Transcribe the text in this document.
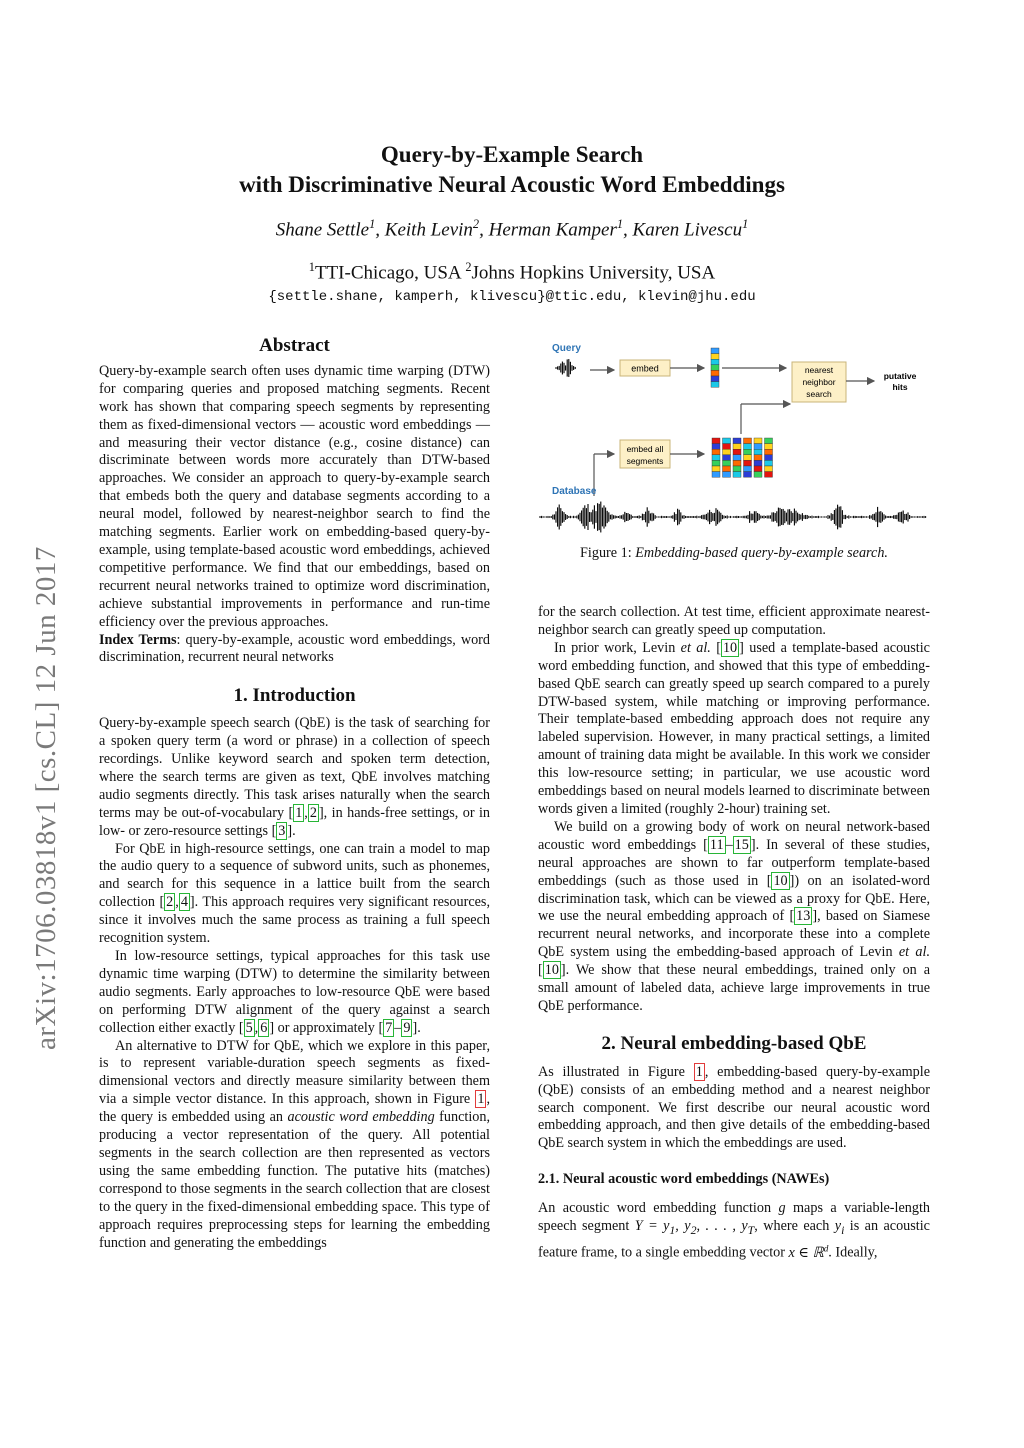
arXiv:1706.03818v1 [cs.CL] 12 Jun 2017
Query-by-Example Search
with Discriminative Neural Acoustic Word Embeddings
Shane Settle$^1$, Keith Levin$^2$, Herman Kamper$^1$, Karen Livescu$^1$
$^1$TTI-Chicago, USA $^2$Johns Hopkins University, USA
{settle.shane, kamperh, klivescu}@ttic.edu, klevin@jhu.edu
Abstract

Query-by-example search often uses dynamic time warping (DTW) for comparing queries and proposed matching segments. Recent work has shown that comparing speech segments by representing them as fixed-dimensional vectors — acoustic word embeddings — and measuring their vector distance (e.g., cosine distance) can discriminate between words more accurately than DTW-based approaches. We consider an approach to query-by-example search that embeds both the query and database segments according to a neural model, followed by nearest-neighbor search to find the matching segments. Earlier work on embedding-based query-by-example, using template-based acoustic word embeddings, achieved competitive performance. We find that our embeddings, based on recurrent neural networks trained to optimize word discrimination, achieve substantial improvements in performance and run-time efficiency over the previous approaches.

Index Terms: query-by-example, acoustic word embeddings, word discrimination, recurrent neural networks

1. Introduction

Query-by-example speech search (QbE) is the task of searching for a spoken query term (a word or phrase) in a collection of speech recordings. Unlike keyword search and spoken term detection, where the search terms are given as text, QbE involves matching audio segments directly. This task arises naturally when the search terms may be out-of-vocabulary [ 1 , 2 ], in hands-free settings, or in low- or zero-resource settings [ 3 ].

For QbE in high-resource settings, one can train a model to map the audio query to a sequence of subword units, such as phonemes, and search for this sequence in a lattice built from the search collection [ 2 , 4 ]. This approach requires very significant resources, since it involves much the same process as training a full speech recognition system.

In low-resource settings, typical approaches for this task use dynamic time warping (DTW) to determine the similarity between audio segments. Early approaches to low-resource QbE were based on performing DTW alignment of the query against a search collection either exactly [ 5 , 6 ] or approximately [ 7 – 9 ].

An alternative to DTW for QbE, which we explore in this paper, is to represent variable-duration speech segments as fixed-dimensional vectors and directly measure similarity between them via a simple vector distance. In this approach, shown in Figure 1 , the query is embedded using an acoustic word embedding function, producing a vector representation of the query. All potential segments in the search collection are then represented as vectors using the same embedding function. The putative hits (matches) correspond to those segments in the search collection that are closest to the query in the fixed-dimensional embedding space. This type of approach requires preprocessing steps for learning the embedding function and generating the embeddings

Query
embed	nearest
neighbor
search
putative
hits
embed all
segments
Database
Figure 1: Embedding-based query-by-example search.

for the search collection. At test time, efficient approximate nearest-neighbor search can greatly speed up computation.

In prior work, Levin et al. [ 10 ] used a template-based acoustic word embedding function, and showed that this type of embedding-based QbE search can greatly speed up search compared to a purely DTW-based system, while matching or improving performance. Their template-based embedding approach does not require any labeled supervision. However, in many practical settings, a limited amount of training data might be available. In this work we consider this low-resource setting; in particular, we use acoustic word embeddings based on neural models learned to discriminate between words given a limited (roughly 2-hour) training set.

We build on a growing body of work on neural network-based acoustic word embeddings [ 11 – 15 ]. In several of these studies, neural approaches are shown to far outperform template-based embeddings (such as those used in [ 10 ]) on an isolated-word discrimination task, which can be viewed as a proxy for QbE. Here, we use the neural embedding approach of [ 13 ], based on Siamese recurrent neural networks, and incorporate these into a complete QbE system using the embedding-based approach of Levin et al. [ 10 ]. We show that these neural embeddings, trained only on a small amount of labeled data, achieve large improvements in true QbE performance.

2. Neural embedding-based QbE

As illustrated in Figure 1 , embedding-based query-by-example (QbE) consists of an embedding method and a nearest neighbor search component. We first describe our neural acoustic word embedding approach, and then give details of the embedding-based QbE search system in which the embeddings are used.

2.1. Neural acoustic word embeddings (NAWEs)

An acoustic word embedding function g maps a variable-length speech segment $Y = y_1$, $y_2$, . . . , $y_T$, where each $y_i$ is an acoustic feature frame, to a single embedding vector x ∈ ℝ$^d$. Ideally,
